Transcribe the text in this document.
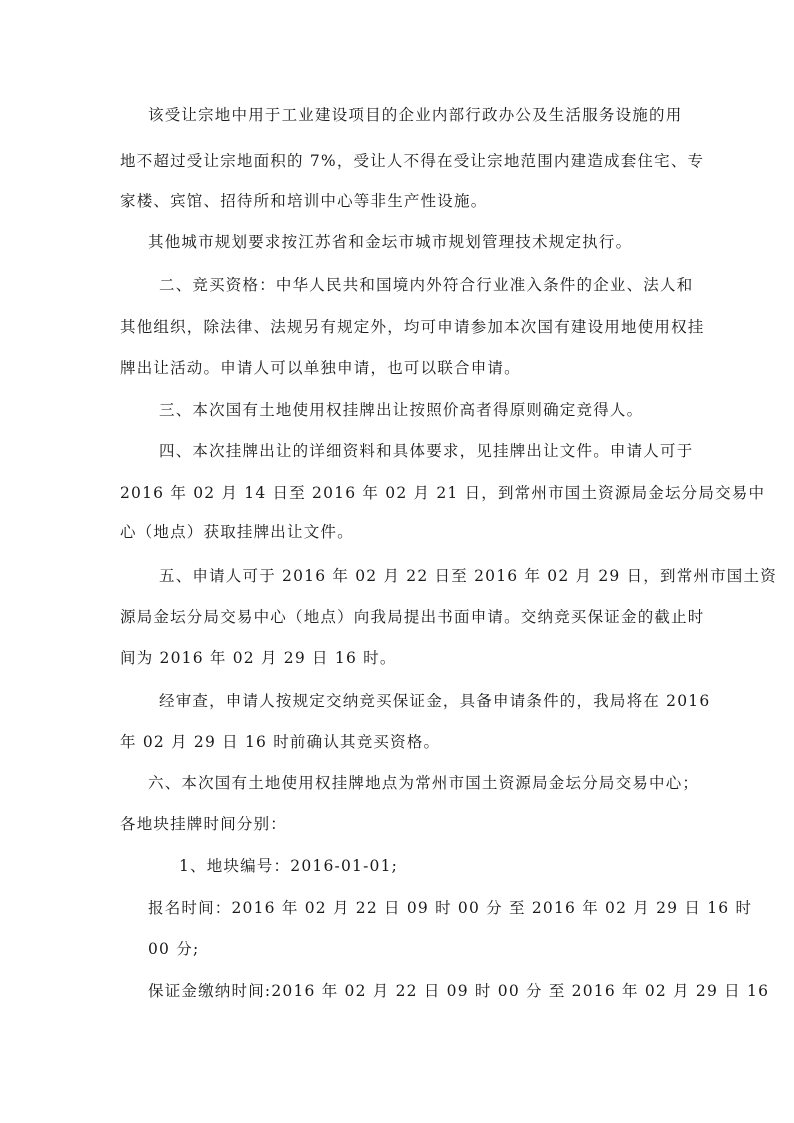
该受让宗地中用于工业建设项目的企业内部行政办公及生活服务设施的用
地不超过受让宗地面积的 7%，受让人不得在受让宗地范围内建造成套住宅、专
家楼、宾馆、招待所和培训中心等非生产性设施。
其他城市规划要求按江苏省和金坛市城市规划管理技术规定执行。
二、竞买资格：中华人民共和国境内外符合行业准入条件的企业、法人和
其他组织，除法律、法规另有规定外，均可申请参加本次国有建设用地使用权挂
牌出让活动。申请人可以单独申请，也可以联合申请。
三、本次国有土地使用权挂牌出让按照价高者得原则确定竞得人。
四、本次挂牌出让的详细资料和具体要求，见挂牌出让文件。申请人可于
2016 年 02 月 14 日至 2016 年 02 月 21 日，到常州市国土资源局金坛分局交易中
心（地点）获取挂牌出让文件。
五、申请人可于 2016 年 02 月 22 日至 2016 年 02 月 29 日，到常州市国土资
源局金坛分局交易中心（地点）向我局提出书面申请。交纳竞买保证金的截止时
间为 2016 年 02 月 29 日 16 时。
经审查，申请人按规定交纳竞买保证金，具备申请条件的，我局将在 2016
年 02 月 29 日 16 时前确认其竞买资格。
六、本次国有土地使用权挂牌地点为常州市国土资源局金坛分局交易中心；
各地块挂牌时间分别：
1、地块编号：2016-01-01;
报名时间：2016 年 02 月 22 日 09 时 00 分 至 2016 年 02 月 29 日 16 时
00 分;
保证金缴纳时间:2016 年 02 月 22 日 09 时 00 分 至 2016 年 02 月 29 日 16
